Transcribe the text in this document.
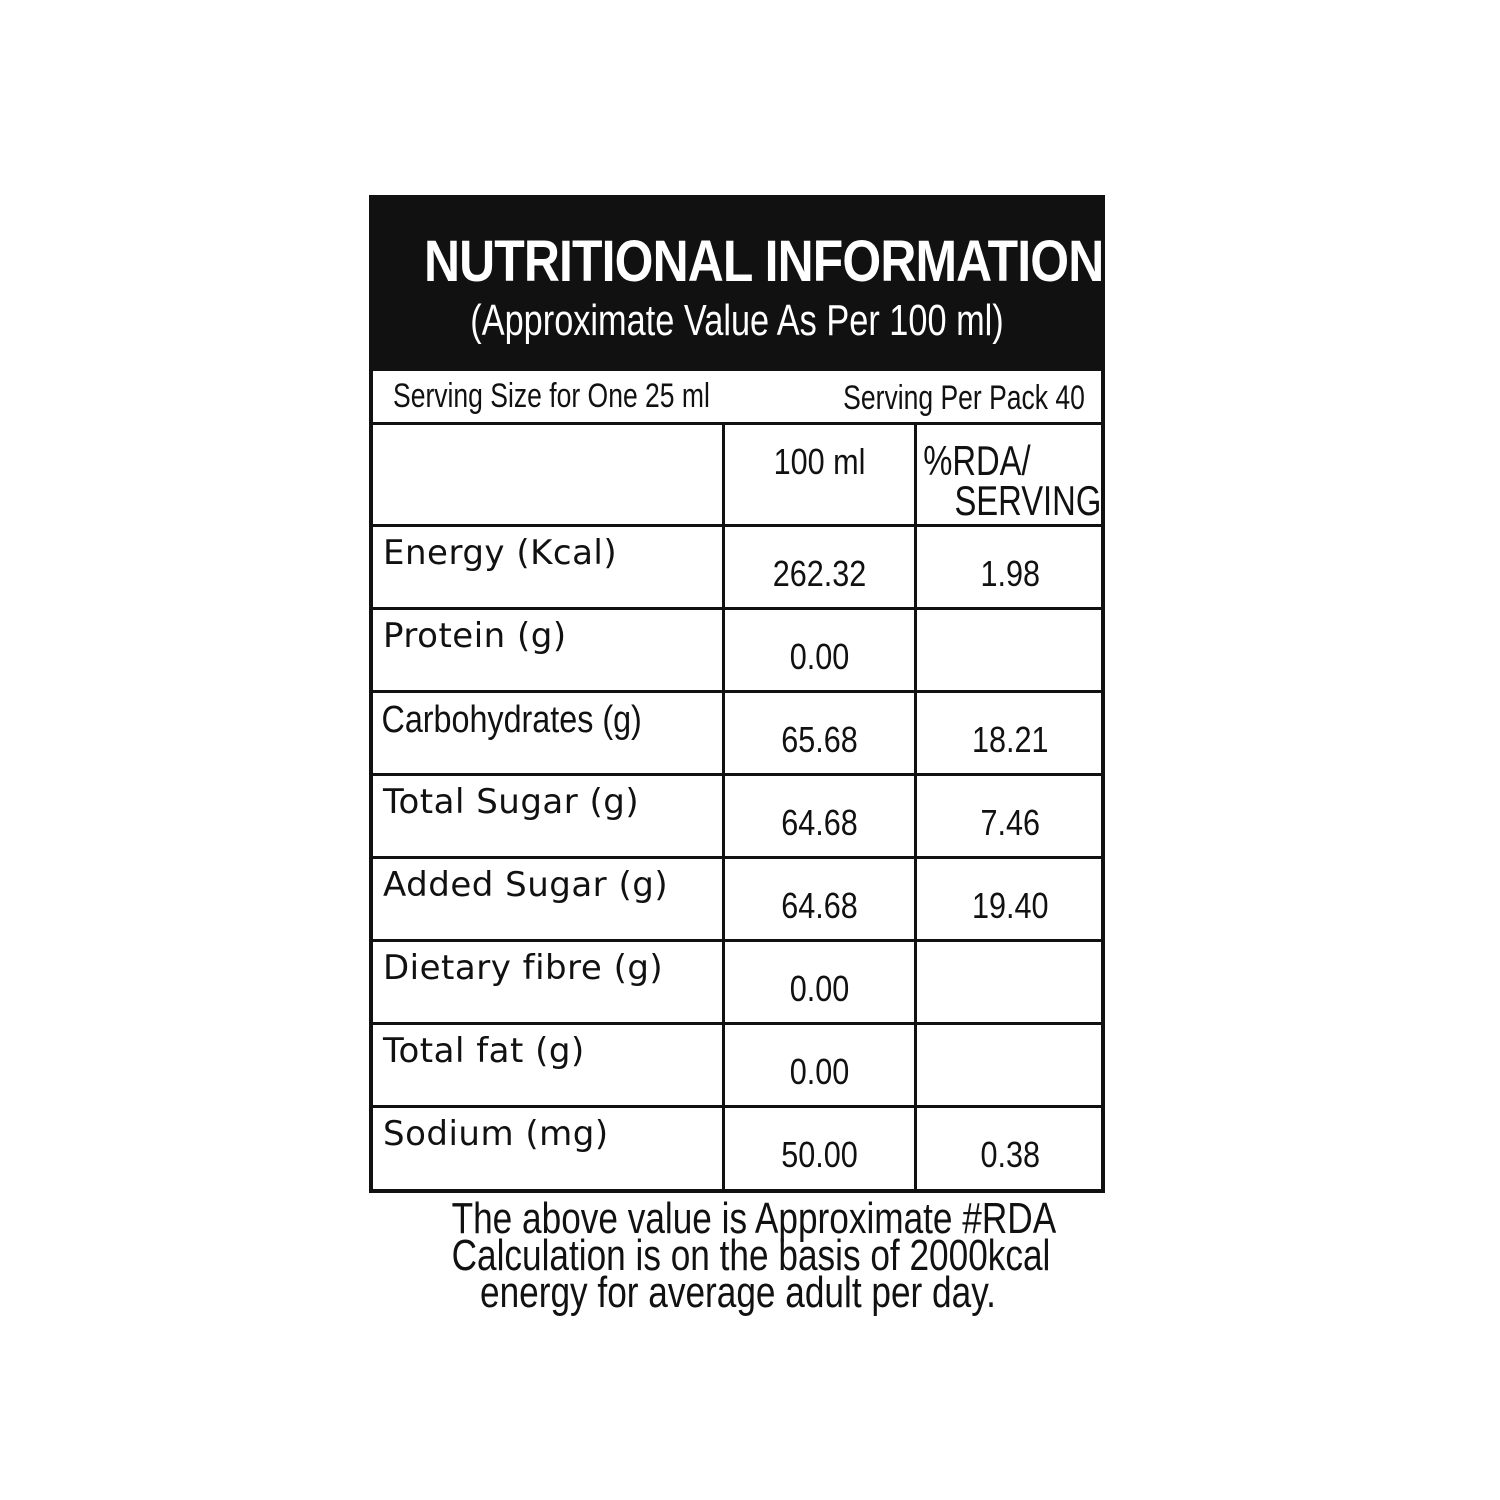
NUTRITIONAL INFORMATION
(Approximate Value As Per 100 ml)
Serving Size for One 25 ml	Serving Per Pack 40

	100 ml	%RDA/
SERVING

Energy (Kcal)	262.32	1.98

Protein (g)	0.00	

Carbohydrates (g)	65.68	18.21

Total Sugar (g)	64.68	7.46

Added Sugar (g)	64.68	19.40

Dietary fibre (g)	0.00	

Total fat (g)	0.00	

Sodium (mg)	50.00	0.38
The above value is Approximate #RDA
Calculation is on the basis of 2000kcal
energy for average adult per day.
